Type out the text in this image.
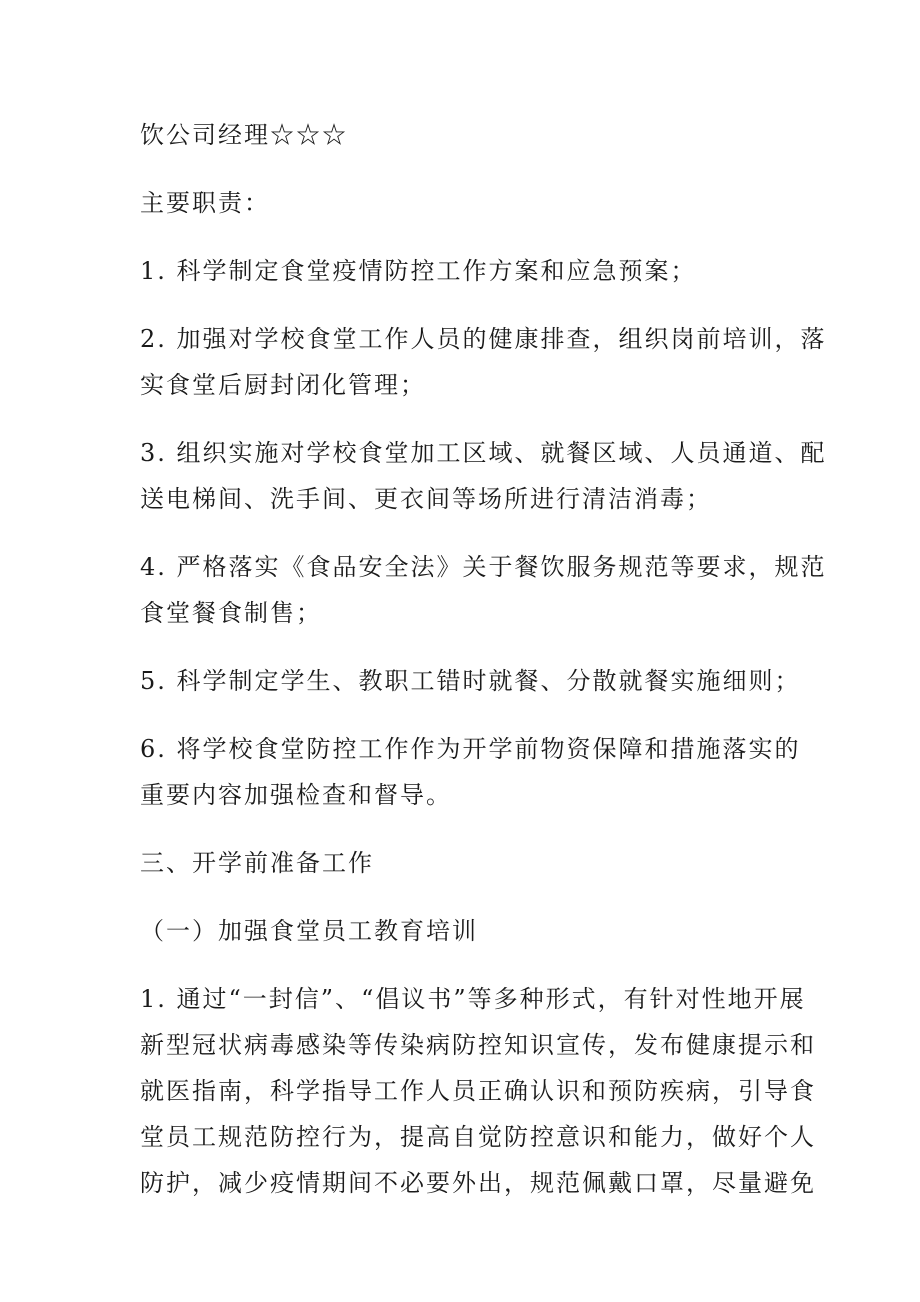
饮公司经理☆☆☆

主要职责：

1. 科学制定食堂疫情防控工作方案和应急预案；

2. 加强对学校食堂工作人员的健康排查，组织岗前培训，落
实食堂后厨封闭化管理；

3. 组织实施对学校食堂加工区域、就餐区域、人员通道、配
送电梯间、洗手间、更衣间等场所进行清洁消毒；

4. 严格落实《食品安全法》关于餐饮服务规范等要求，规范
食堂餐食制售；

5. 科学制定学生、教职工错时就餐、分散就餐实施细则；

6. 将学校食堂防控工作作为开学前物资保障和措施落实的
重要内容加强检查和督导。

三、开学前准备工作

（一）加强食堂员工教育培训

1. 通过“一封信”、“倡议书”等多种形式，有针对性地开展
新型冠状病毒感染等传染病防控知识宣传，发布健康提示和
就医指南，科学指导工作人员正确认识和预防疾病，引导食
堂员工规范防控行为，提高自觉防控意识和能力，做好个人
防护，减少疫情期间不必要外出，规范佩戴口罩，尽量避免
